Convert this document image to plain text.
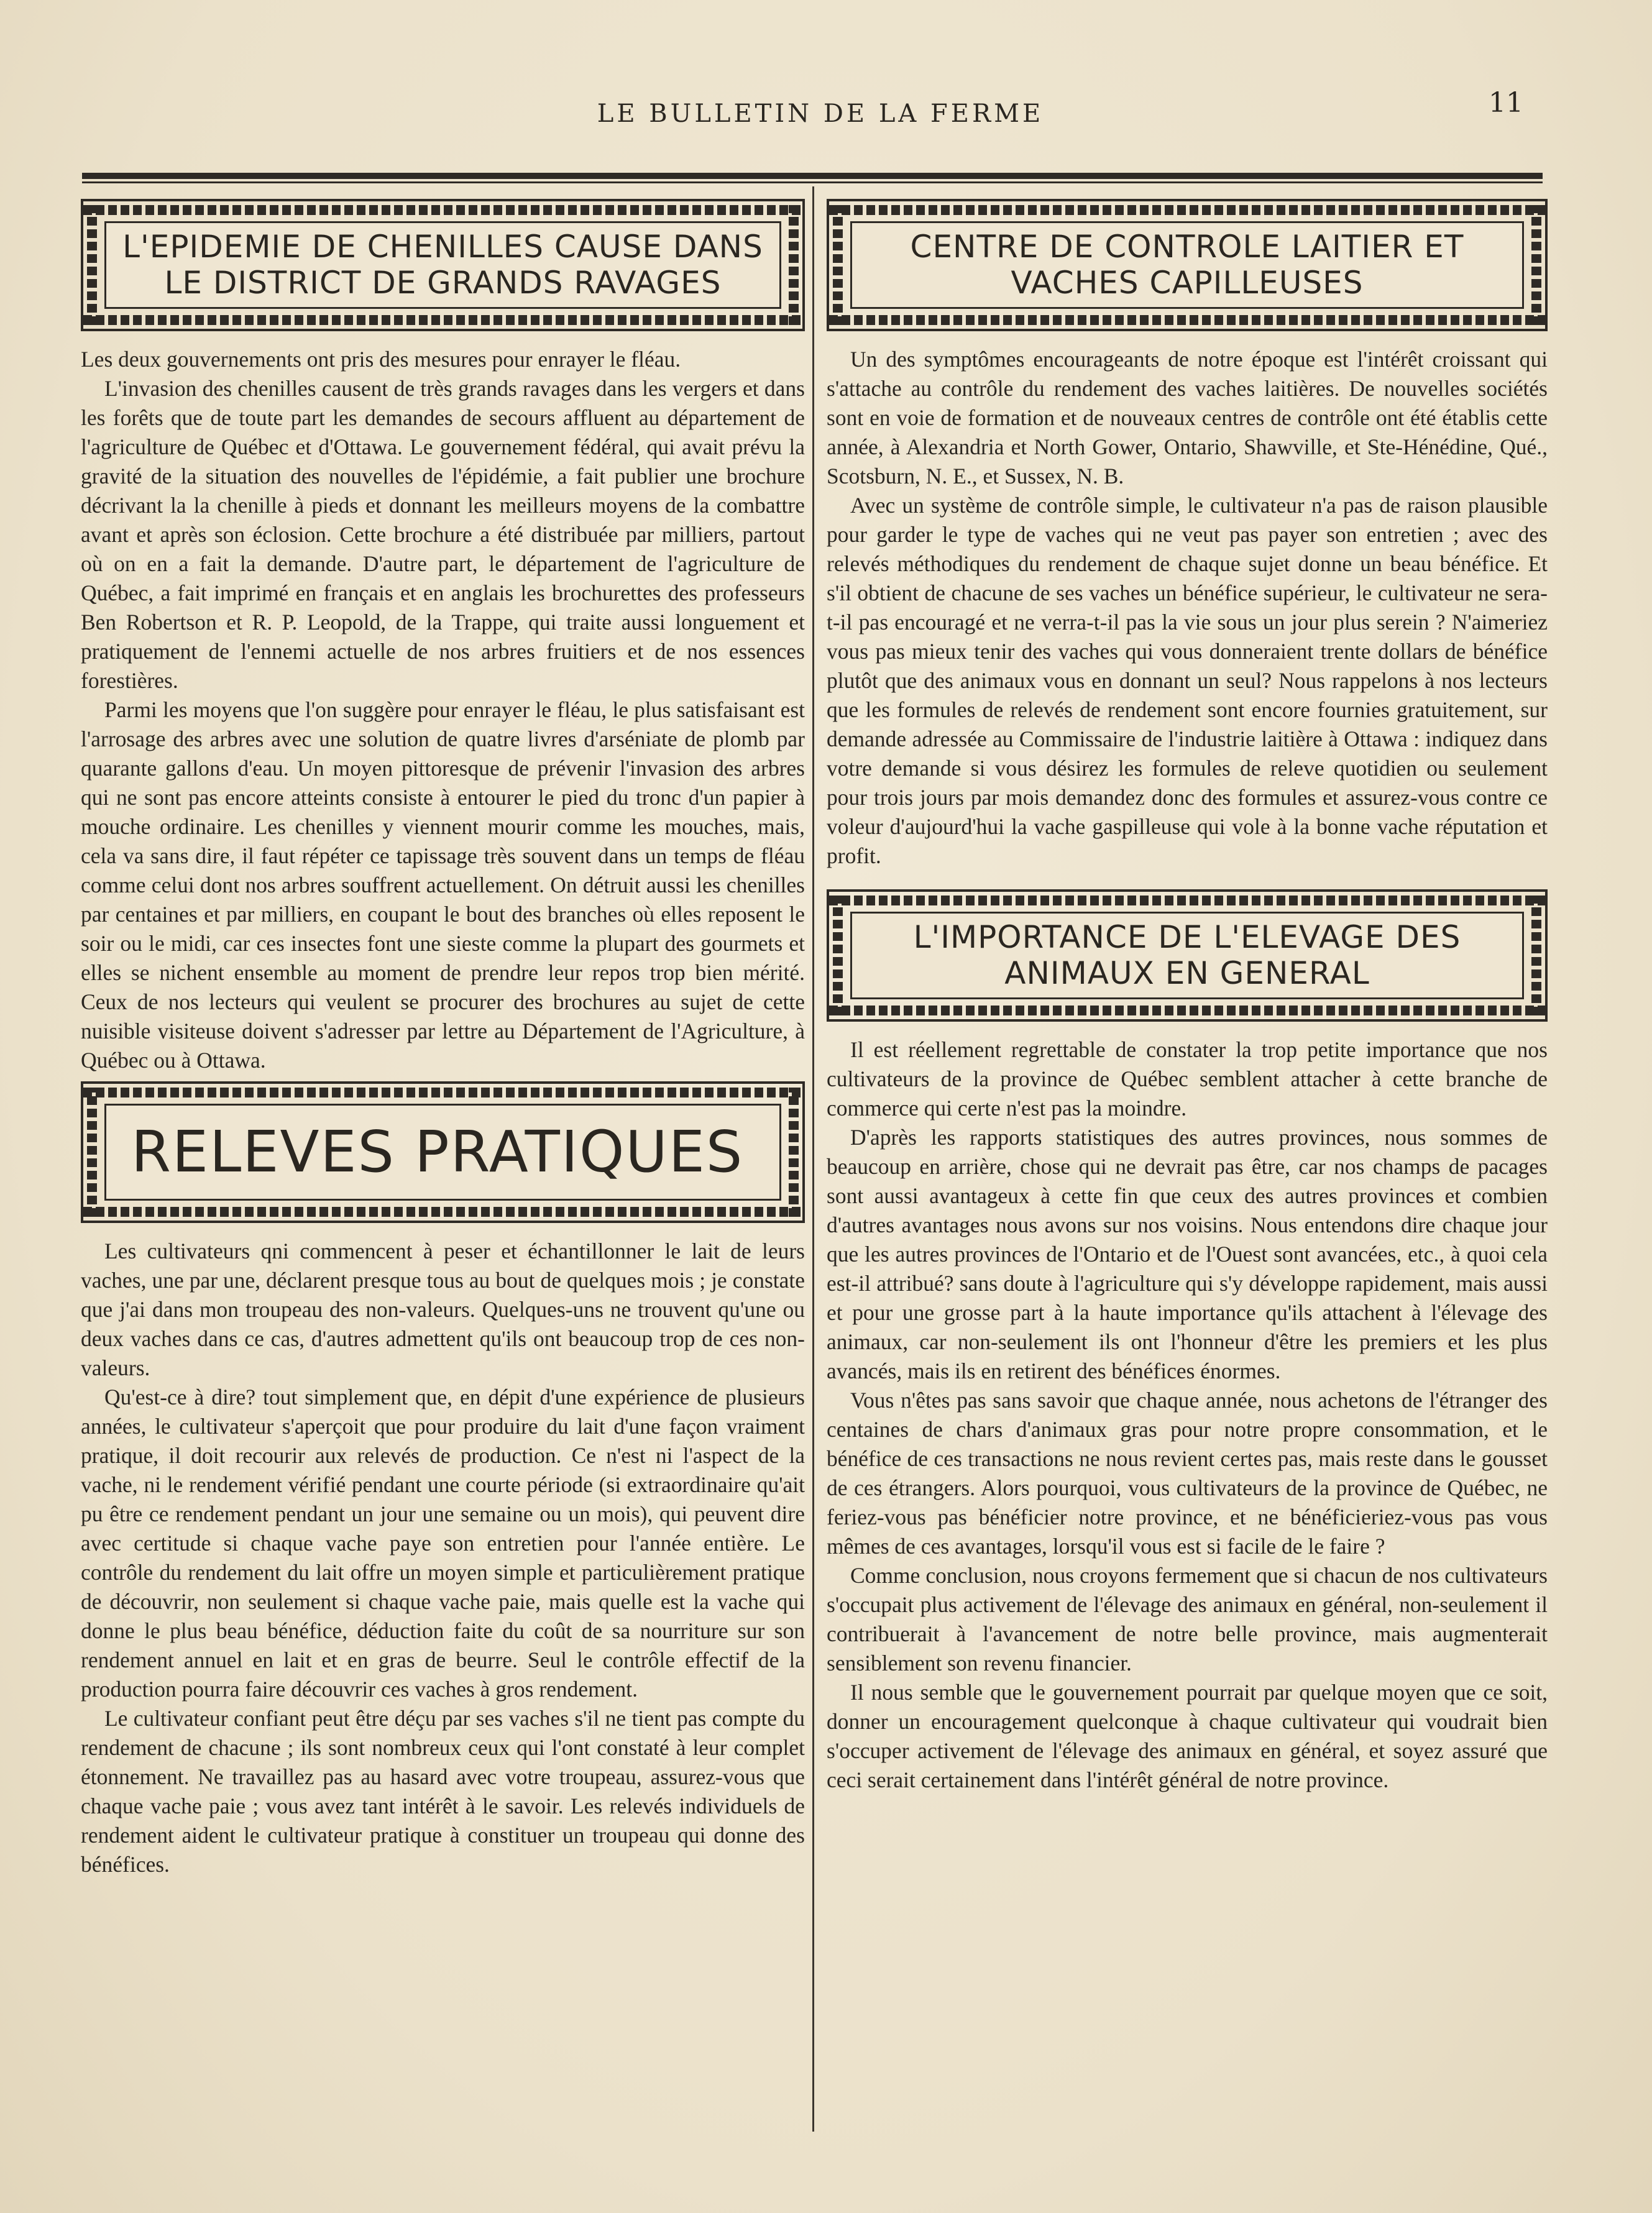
LE BULLETIN DE LA FERME	11
L'EPIDEMIE DE CHENILLES CAUSE DANS LE DISTRICT DE GRANDS RAVAGES

Les deux gouvernements ont pris des mesures pour enrayer le fléau.

L'invasion des chenilles causent de très grands ravages dans les vergers et dans les forêts que de toute part les demandes de secours affluent au département de l'agriculture de Québec et d'Ottawa. Le gouvernement fédéral, qui avait prévu la gravité de la situation des nouvelles de l'épidémie, a fait publier une brochure décrivant la la chenille à pieds et donnant les meilleurs moyens de la combattre avant et après son éclosion. Cette brochure a été distribuée par milliers, partout où on en a fait la demande. D'autre part, le département de l'agriculture de Québec, a fait imprimé en français et en anglais les brochurettes des professeurs Ben Robertson et R. P. Leopold, de la Trappe, qui traite aussi longuement et pratiquement de l'ennemi actuelle de nos arbres fruitiers et de nos essences forestières.

Parmi les moyens que l'on suggère pour enrayer le fléau, le plus satisfaisant est l'arrosage des arbres avec une solution de quatre livres d'arséniate de plomb par quarante gallons d'eau. Un moyen pittoresque de prévenir l'invasion des arbres qui ne sont pas encore atteints consiste à entourer le pied du tronc d'un papier à mouche ordinaire. Les chenilles y viennent mourir comme les mouches, mais, cela va sans dire, il faut répéter ce tapissage très souvent dans un temps de fléau comme celui dont nos arbres souffrent actuellement. On détruit aussi les chenilles par centaines et par milliers, en coupant le bout des branches où elles reposent le soir ou le midi, car ces insectes font une sieste comme la plupart des gourmets et elles se nichent ensemble au moment de prendre leur repos trop bien mérité. Ceux de nos lecteurs qui veulent se procurer des brochures au sujet de cette nuisible visiteuse doivent s'adresser par lettre au Département de l'Agriculture, à Québec ou à Ottawa.

RELEVES PRATIQUES

Les cultivateurs qni commencent à peser et échantillonner le lait de leurs vaches, une par une, déclarent presque tous au bout de quelques mois ; je constate que j'ai dans mon troupeau des non-valeurs. Quelques-uns ne trouvent qu'une ou deux vaches dans ce cas, d'autres admettent qu'ils ont beaucoup trop de ces non-valeurs.

Qu'est-ce à dire? tout simplement que, en dépit d'une expérience de plusieurs années, le cultivateur s'aperçoit que pour produire du lait d'une façon vraiment pratique, il doit recourir aux relevés de production. Ce n'est ni l'aspect de la vache, ni le rendement vérifié pendant une courte période (si extraordinaire qu'ait pu être ce rendement pendant un jour une semaine ou un mois), qui peuvent dire avec certitude si chaque vache paye son entretien pour l'année entière. Le contrôle du rendement du lait offre un moyen simple et particulièrement pratique de découvrir, non seulement si chaque vache paie, mais quelle est la vache qui donne le plus beau bénéfice, déduction faite du coût de sa nourriture sur son rendement annuel en lait et en gras de beurre. Seul le contrôle effectif de la production pourra faire découvrir ces vaches à gros rendement.

Le cultivateur confiant peut être déçu par ses vaches s'il ne tient pas compte du rendement de chacune ; ils sont nombreux ceux qui l'ont constaté à leur complet étonnement. Ne travaillez pas au hasard avec votre troupeau, assurez-vous que chaque vache paie ; vous avez tant intérêt à le savoir. Les relevés individuels de rendement aident le cultivateur pratique à constituer un troupeau qui donne des bénéfices.

CENTRE DE CONTROLE LAITIER ET VACHES CAPILLEUSES

Un des symptômes encourageants de notre époque est l'intérêt croissant qui s'attache au contrôle du rendement des vaches laitières. De nouvelles sociétés sont en voie de formation et de nouveaux centres de contrôle ont été établis cette année, à Alexandria et North Gower, Ontario, Shawville, et Ste-Hénédine, Qué., Scotsburn, N. E., et Sussex, N. B.

Avec un système de contrôle simple, le cultivateur n'a pas de raison plausible pour garder le type de vaches qui ne veut pas payer son entretien ; avec des relevés méthodiques du rendement de chaque sujet donne un beau bénéfice. Et s'il obtient de chacune de ses vaches un bénéfice supérieur, le cultivateur ne sera-t-il pas encouragé et ne verra-t-il pas la vie sous un jour plus serein ? N'aimeriez vous pas mieux tenir des vaches qui vous donneraient trente dollars de bénéfice plutôt que des animaux vous en donnant un seul? Nous rappelons à nos lecteurs que les formules de relevés de rendement sont encore fournies gratuitement, sur demande adressée au Commissaire de l'industrie laitière à Ottawa : indiquez dans votre demande si vous désirez les formules de releve quotidien ou seulement pour trois jours par mois demandez donc des formules et assurez-vous contre ce voleur d'aujourd'hui la vache gaspilleuse qui vole à la bonne vache réputation et profit.

L'IMPORTANCE DE L'ELEVAGE DES ANIMAUX EN GENERAL

Il est réellement regrettable de constater la trop petite importance que nos cultivateurs de la province de Québec semblent attacher à cette branche de commerce qui certe n'est pas la moindre.

D'après les rapports statistiques des autres provinces, nous sommes de beaucoup en arrière, chose qui ne devrait pas être, car nos champs de pacages sont aussi avantageux à cette fin que ceux des autres provinces et combien d'autres avantages nous avons sur nos voisins. Nous entendons dire chaque jour que les autres provinces de l'Ontario et de l'Ouest sont avancées, etc., à quoi cela est-il attribué? sans doute à l'agriculture qui s'y développe rapidement, mais aussi et pour une grosse part à la haute importance qu'ils attachent à l'élevage des animaux, car non-seulement ils ont l'honneur d'être les premiers et les plus avancés, mais ils en retirent des bénéfices énormes.

Vous n'êtes pas sans savoir que chaque année, nous achetons de l'étranger des centaines de chars d'animaux gras pour notre propre consommation, et le bénéfice de ces transactions ne nous revient certes pas, mais reste dans le gousset de ces étrangers. Alors pourquoi, vous cultivateurs de la province de Québec, ne feriez-vous pas bénéficier notre province, et ne bénéficieriez-vous pas vous mêmes de ces avantages, lorsqu'il vous est si facile de le faire ?

Comme conclusion, nous croyons fermement que si chacun de nos cultivateurs s'occupait plus activement de l'élevage des animaux en général, non-seulement il contribuerait à l'avancement de notre belle province, mais augmenterait sensiblement son revenu financier.

Il nous semble que le gouvernement pourrait par quelque moyen que ce soit, donner un encouragement quelconque à chaque cultivateur qui voudrait bien s'occuper activement de l'élevage des animaux en général, et soyez assuré que ceci serait certainement dans l'intérêt général de notre province.
